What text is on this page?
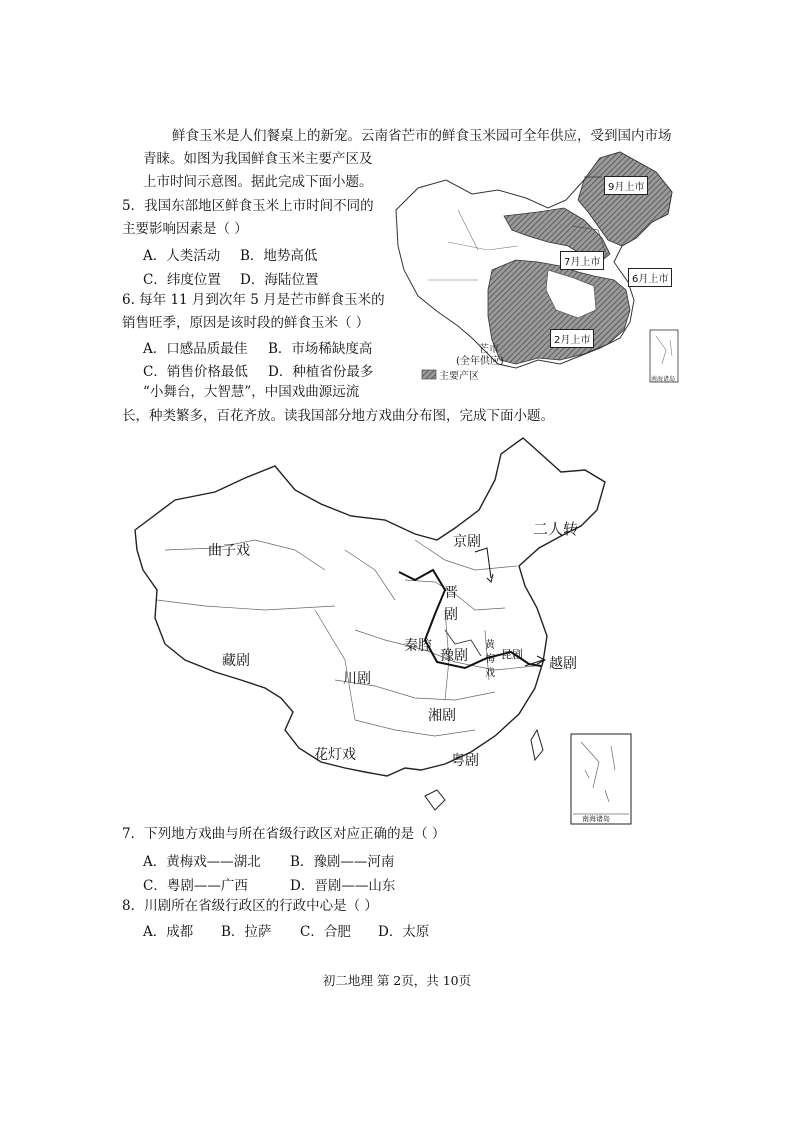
鲜食玉米是人们餐桌上的新宠。云南省芒市的鲜食玉米园可全年供应，受到国内市场
青睐。如图为我国鲜食玉米主要产区及
上市时间示意图。据此完成下面小题。
5．我国东部地区鲜食玉米上市时间不同的
主要影响因素是（ ）
A．人类活动 B．地势高低
C．纬度位置 D．海陆位置
6. 每年 11 月到次年 5 月是芒市鲜食玉米的
销售旺季，原因是该时段的鲜食玉米（ ）
A．口感品质最佳 B．市场稀缺度高
C．销售价格最低 D．种植省份最多
“小舞台，大智慧”，中国戏曲源远流
长，种类繁多，百花齐放。读我国部分地方戏曲分布图，完成下面小题。
9月上市
7月上市
6月上市
2月上市
芒市
(全年供应)
主要产区	南海诸岛
曲子戏
京剧
二人转
晋
剧
秦腔
藏剧
川剧
豫剧
黄
梅
戏
昆剧
越剧
湘剧
花灯戏	粤剧
南海诸岛
7．下列地方戏曲与所在省级行政区对应正确的是（ ）
A．黄梅戏——湖北 B．豫剧——河南
C．粤剧——广西	D．晋剧——山东
8．川剧所在省级行政区的行政中心是（ ）
A．成都 B．拉萨 C．合肥 D．太原
初二地理 第 2页，共 10页
